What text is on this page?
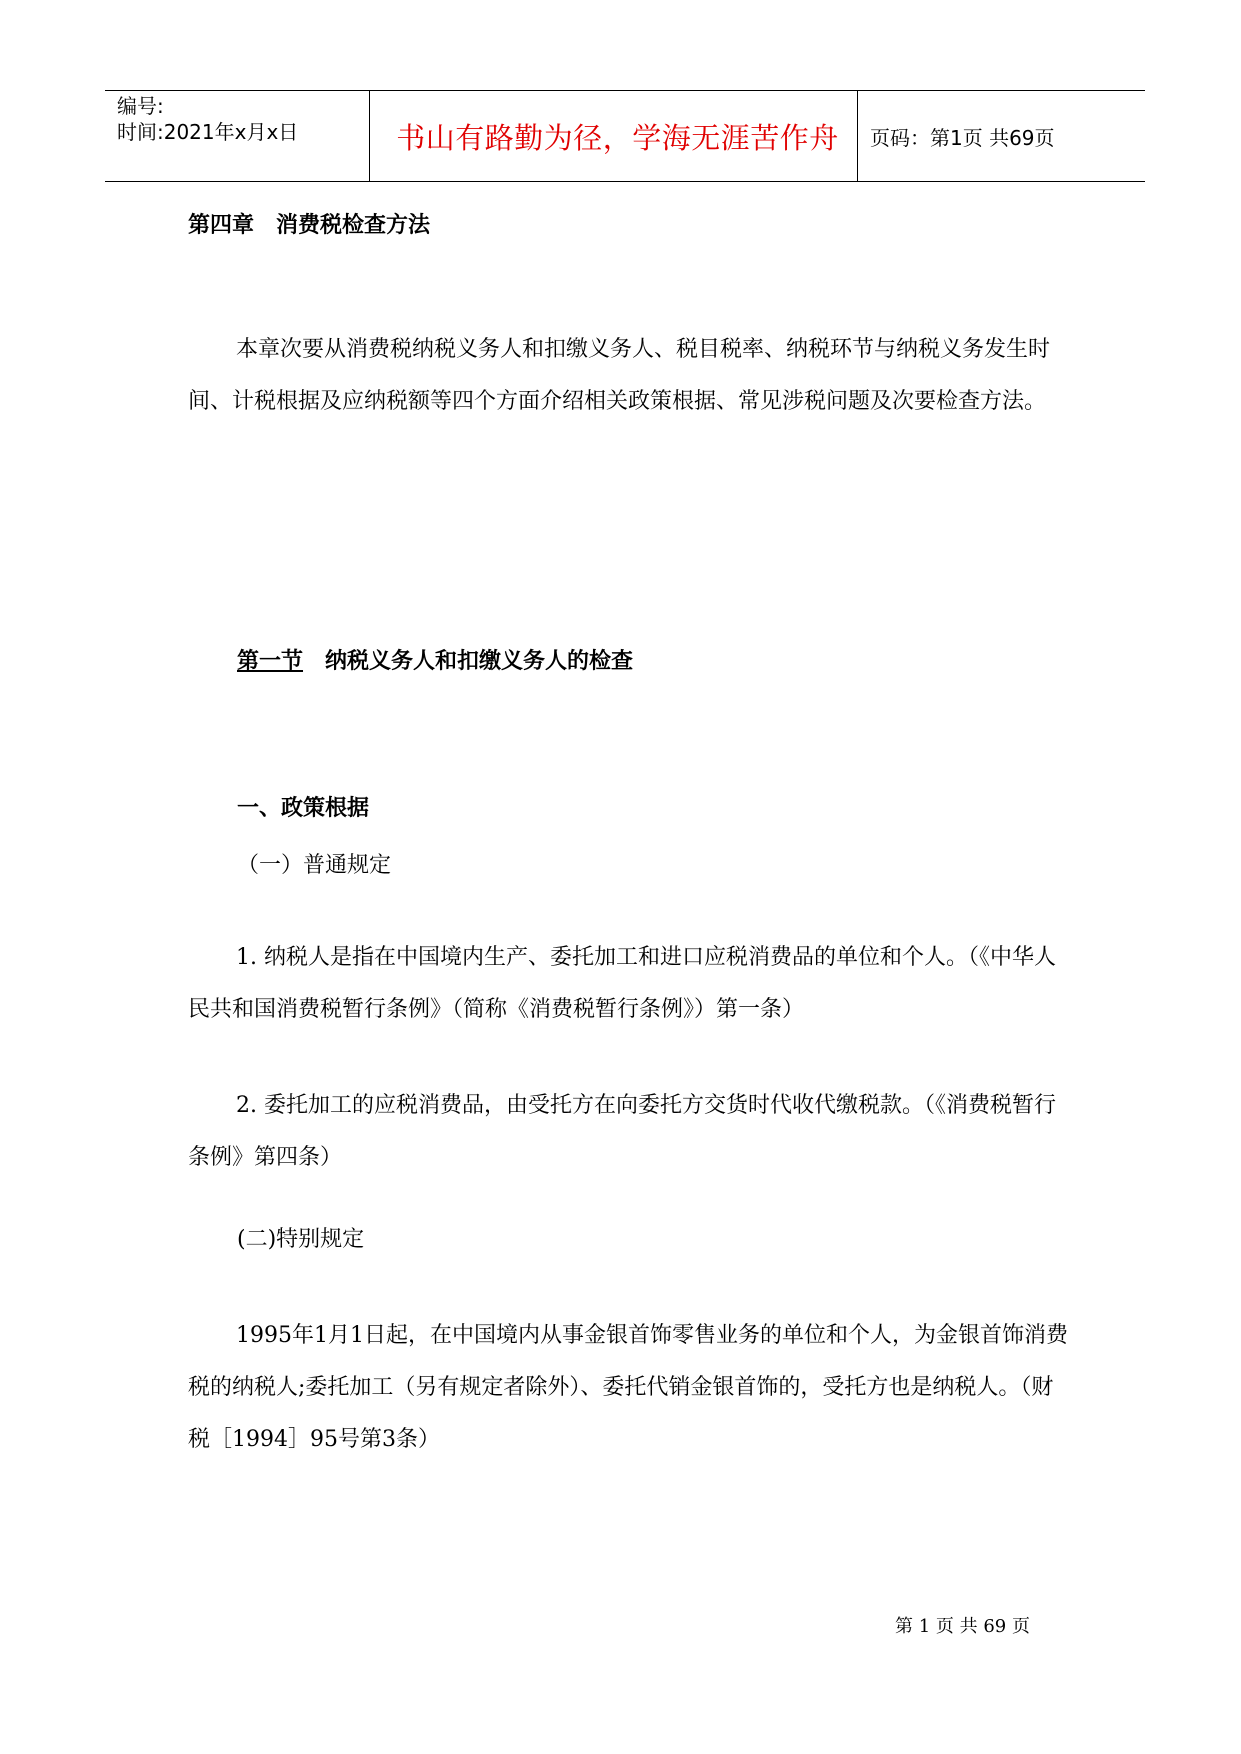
编号:
时间:2021年x月x日	书山有路勤为径，学海无涯苦作舟 页码：第1页 共69页
第四章　消费税检查方法
本章次要从消费税纳税义务人和扣缴义务人、税目税率、纳税环节与纳税义务发生时间、计税根据及应纳税额等四个方面介绍相关政策根据、常见涉税问题及次要检查方法。
第一节　 纳税义务人和扣缴义务人的检查
一、政策根据
（一）普通规定
1. 纳税人是指在中国境内生产、委托加工和进口应税消费品的单位和个人。（《中华人民共和国消费税暂行条例》（简称《消费税暂行条例》）第一条）
2. 委托加工的应税消费品，由受托方在向委托方交货时代收代缴税款。（《消费税暂行条例》第四条）
(二)特别规定
1995年1月1日起，在中国境内从事金银首饰零售业务的单位和个人，为金银首饰消费税的纳税人;委托加工（另有规定者除外）、委托代销金银首饰的，受托方也是纳税人。（财税［1994］95号第3条）
第 1 页 共 69 页
